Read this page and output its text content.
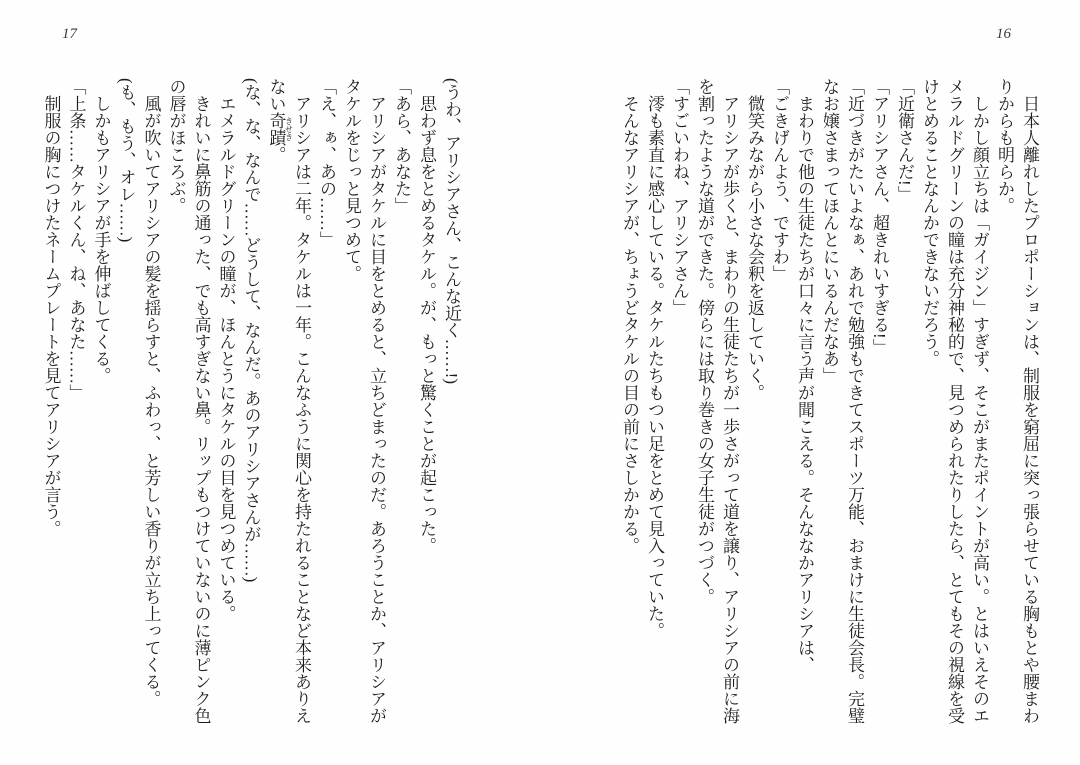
17	16

日本人離れしたプロポーションは、制服を窮屈に突っ張らせている胸もとや腰まわりからも明らか。

しかし顔立ちは「ガイジン」すぎず、そこがまたポイントが高い。とはいえそのエメラルドグリーンの瞳は充分神秘的で、見つめられたりしたら、とてもその視線を受けとめることなんかできないだろう。

「近衛さんだ!」

「アリシアさん、超きれいすぎる!」

「近づきがたいよなぁ、あれで勉強もできてスポーツ万能、おまけに生徒会長。完璧なお嬢さまってほんとにいるんだなあ」

まわりで他の生徒たちが口々に言う声が聞こえる。そんななかアリシアは、

「ごきげんよう、ですわ」

微笑みながら小さな会釈を返していく。

アリシアが歩くと、まわりの生徒たちが一歩さがって道を譲り、アリシアの前に海を割ったような道ができた。傍らには取り巻きの女子生徒がつづく。

「すごいわね、アリシアさん」

澪も素直に感心している。タケルたちもつい足をとめて見入っていた。

そんなアリシアが、ちょうどタケルの目の前にさしかかる。

(うわ、アリシアさん、こんな近く……!)

思わず息をとめるタケル。が、もっと驚くことが起こった。

「あら、あなた」

アリシアがタケルに目をとめると、立ちどまったのだ。あろうことか、アリシアがタケルをじっと見つめて。

「え、ぁ、あの……」

アリシアは二年。タケルは一年。こんなふうに関心を持たれることなど本来ありえない奇蹟 きせき。

(な、な、なんで……どうして、なんだ。あのアリシアさんが……)

エメラルドグリーンの瞳が、ほんとうにタケルの目を見つめている。

きれいに鼻筋の通った、でも高すぎない鼻。リップもつけていないのに薄ピンク色の唇がほころぶ。

風が吹いてアリシアの髪を揺らすと、ふわっ、と芳しい香りが立ち上ってくる。

(も、もう、オレ……)

しかもアリシアが手を伸ばしてくる。

「上条……タケルくん、ね、あなた……」

制服の胸につけたネームプレートを見てアリシアが言う。
